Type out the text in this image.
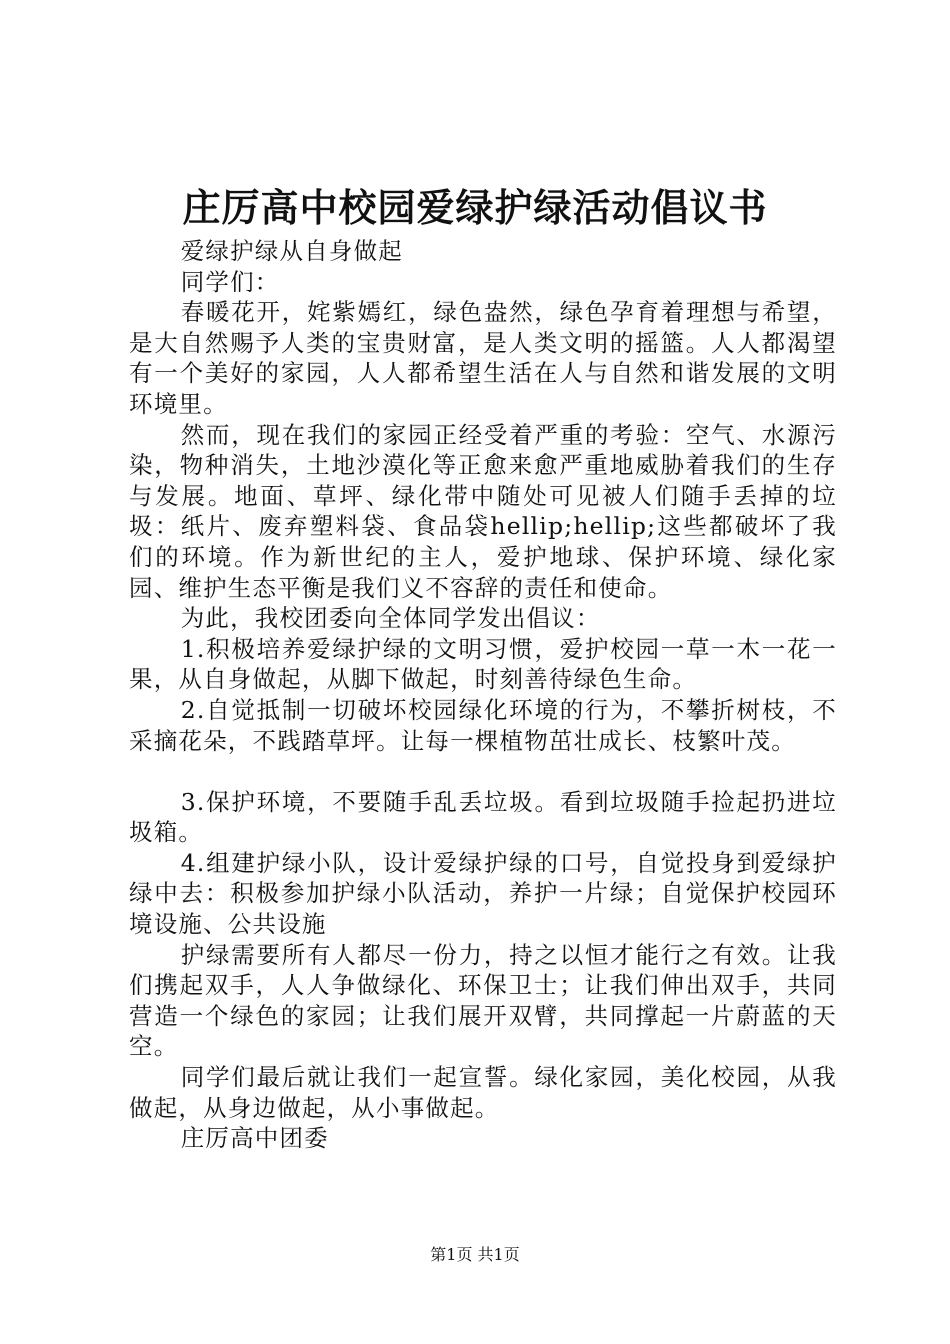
庄厉高中校园爱绿护绿活动倡议书

爱绿护绿从自身做起

同学们：

春暖花开，姹紫嫣红，绿色盎然，绿色孕育着理想与希望，是大自然赐予人类的宝贵财富，是人类文明的摇篮。人人都渴望有一个美好的家园，人人都希望生活在人与自然和谐发展的文明环境里。

然而，现在我们的家园正经受着严重的考验：空气、水源污染，物种消失，土地沙漠化等正愈来愈严重地威胁着我们的生存与发展。地面、草坪、绿化带中随处可见被人们随手丢掉的垃圾：纸片、废弃塑料袋、食品袋hellip;hellip;这些都破坏了我们的环境。作为新世纪的主人，爱护地球、保护环境、绿化家园、维护生态平衡是我们义不容辞的责任和使命。

为此，我校团委向全体同学发出倡议：

1.积极培养爱绿护绿的文明习惯，爱护校园一草一木一花一果，从自身做起，从脚下做起，时刻善待绿色生命。

2.自觉抵制一切破坏校园绿化环境的行为，不攀折树枝，不采摘花朵，不践踏草坪。让每一棵植物茁壮成长、枝繁叶茂。

3.保护环境，不要随手乱丢垃圾。看到垃圾随手捡起扔进垃圾箱。

4.组建护绿小队，设计爱绿护绿的口号，自觉投身到爱绿护绿中去：积极参加护绿小队活动，养护一片绿；自觉保护校园环境设施、公共设施

护绿需要所有人都尽一份力，持之以恒才能行之有效。让我们携起双手，人人争做绿化、环保卫士；让我们伸出双手，共同营造一个绿色的家园；让我们展开双臂，共同撑起一片蔚蓝的天空。

同学们最后就让我们一起宣誓。绿化家园，美化校园，从我做起，从身边做起，从小事做起。

庄厉高中团委

第1页 共1页
